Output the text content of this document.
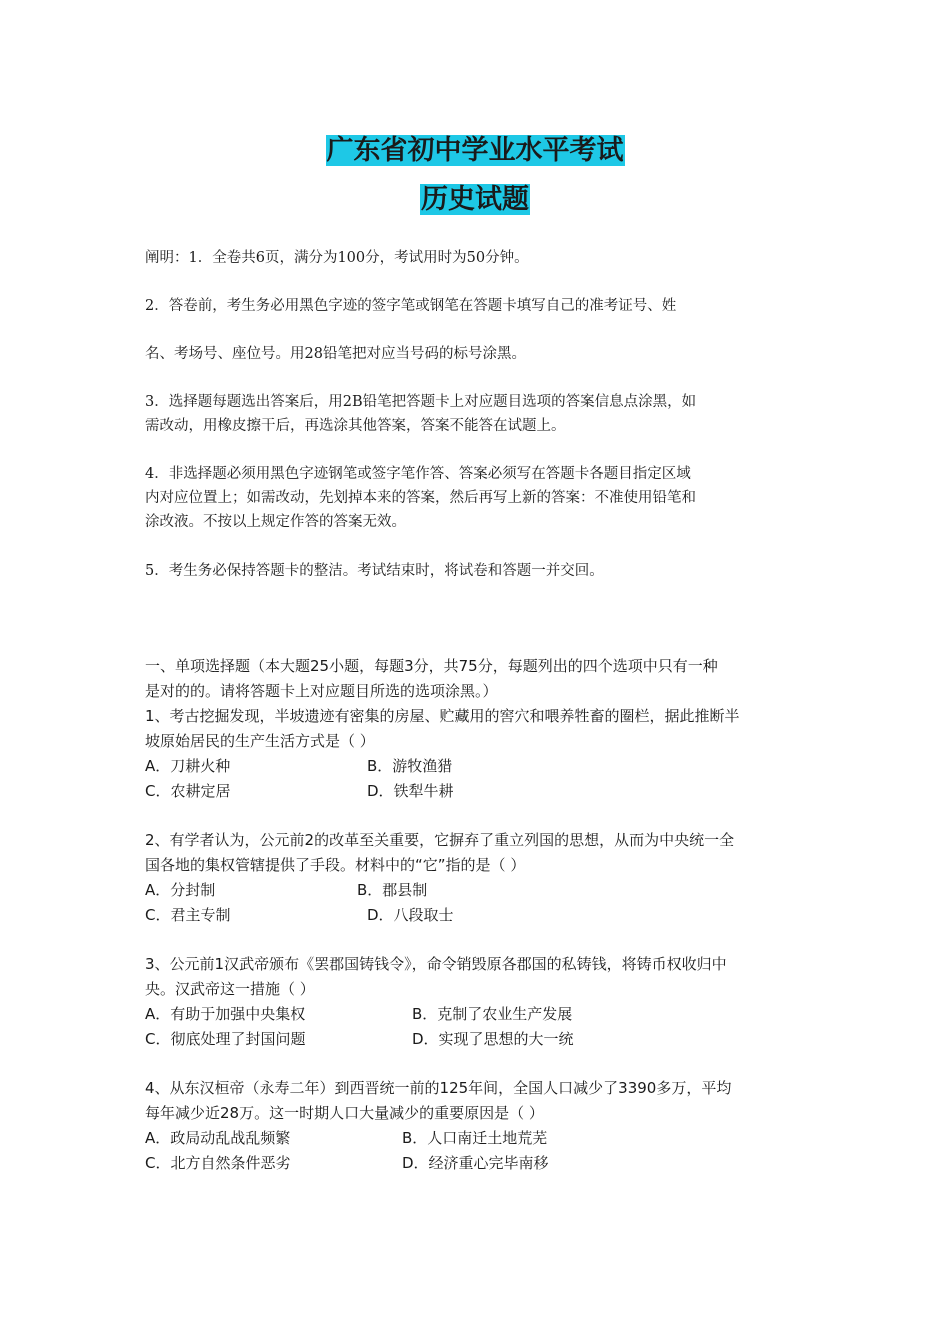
广东省初中学业水平考试
历史试题
阐明：1．全卷共6页，满分为100分，考试用时为50分钟。
2．答卷前，考生务必用黑色字迹的签字笔或钢笔在答题卡填写自己的准考证号、姓
名、考场号、座位号。用28铅笔把对应当号码的标号涂黑。
3．选择题每题选出答案后，用2B铅笔把答题卡上对应题目选项的答案信息点涂黑，如
需改动，用橡皮擦干后，再选涂其他答案，答案不能答在试题上。
4．非选择题必须用黑色字迹钢笔或签字笔作答、答案必须写在答题卡各题目指定区域
内对应位置上；如需改动，先划掉本来的答案，然后再写上新的答案：不准使用铅笔和
涂改液。不按以上规定作答的答案无效。
5．考生务必保持答题卡的整洁。考试结束时，将试卷和答题一并交回。
一、单项选择题（本大题25小题，每题3分，共75分，每题列出的四个选项中只有一种
是对的的。请将答题卡上对应题目所选的选项涂黑。）
1、考古挖掘发现，半坡遗迹有密集的房屋、贮藏用的窖穴和喂养牲畜的圈栏，据此推断半
坡原始居民的生产生活方式是（ ）
A．刀耕火种	B．游牧渔猎
C．农耕定居	D．铁犁牛耕
2、有学者认为，公元前2的改革至关重要，它摒弃了重立列国的思想，从而为中央统一全
国各地的集权管辖提供了手段。材料中的“它”指的是（ ）
A．分封制	B．郡县制
C．君主专制	D．八段取士
3、公元前1汉武帝颁布《罢郡国铸钱令》，命令销毁原各郡国的私铸钱，将铸币权收归中
央。汉武帝这一措施（ ）
A．有助于加强中央集权	B．克制了农业生产发展
C．彻底处理了封国问题	D．实现了思想的大一统
4、从东汉桓帝（永寿二年）到西晋统一前的125年间，全国人口减少了3390多万，平均
每年减少近28万。这一时期人口大量减少的重要原因是（ ）
A．政局动乱战乱频繁	B．人口南迁土地荒芜
C．北方自然条件恶劣	D．经济重心完毕南移
